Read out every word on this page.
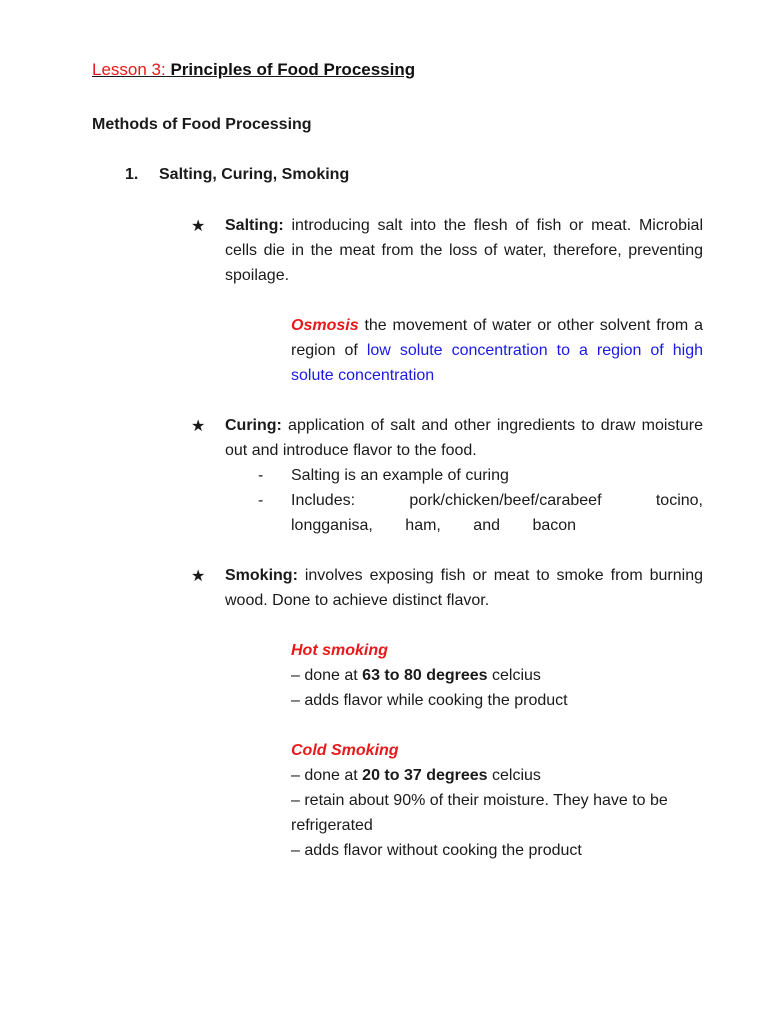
Lesson 3: Principles of Food Processing
Methods of Food Processing
1. Salting, Curing, Smoking
★ Salting: introducing salt into the flesh of fish or meat. Microbial cells die in the meat from the loss of water, therefore, preventing spoilage.
Osmosis the movement of water or other solvent from a region of low solute concentration to a region of high solute concentration
★ Curing: application of salt and other ingredients to draw moisture out and introduce flavor to the food.
-	Salting is an example of curing
-	Includes: pork/chicken/beef/carabeef tocino, longganisa, ham, and bacon
★ Smoking: involves exposing fish or meat to smoke from burning wood. Done to achieve distinct flavor.
Hot smoking
– done at 63 to 80 degrees celcius
– adds flavor while cooking the product
Cold Smoking
– done at 20 to 37 degrees celcius
– retain about 90% of their moisture. They have to be refrigerated
– adds flavor without cooking the product
